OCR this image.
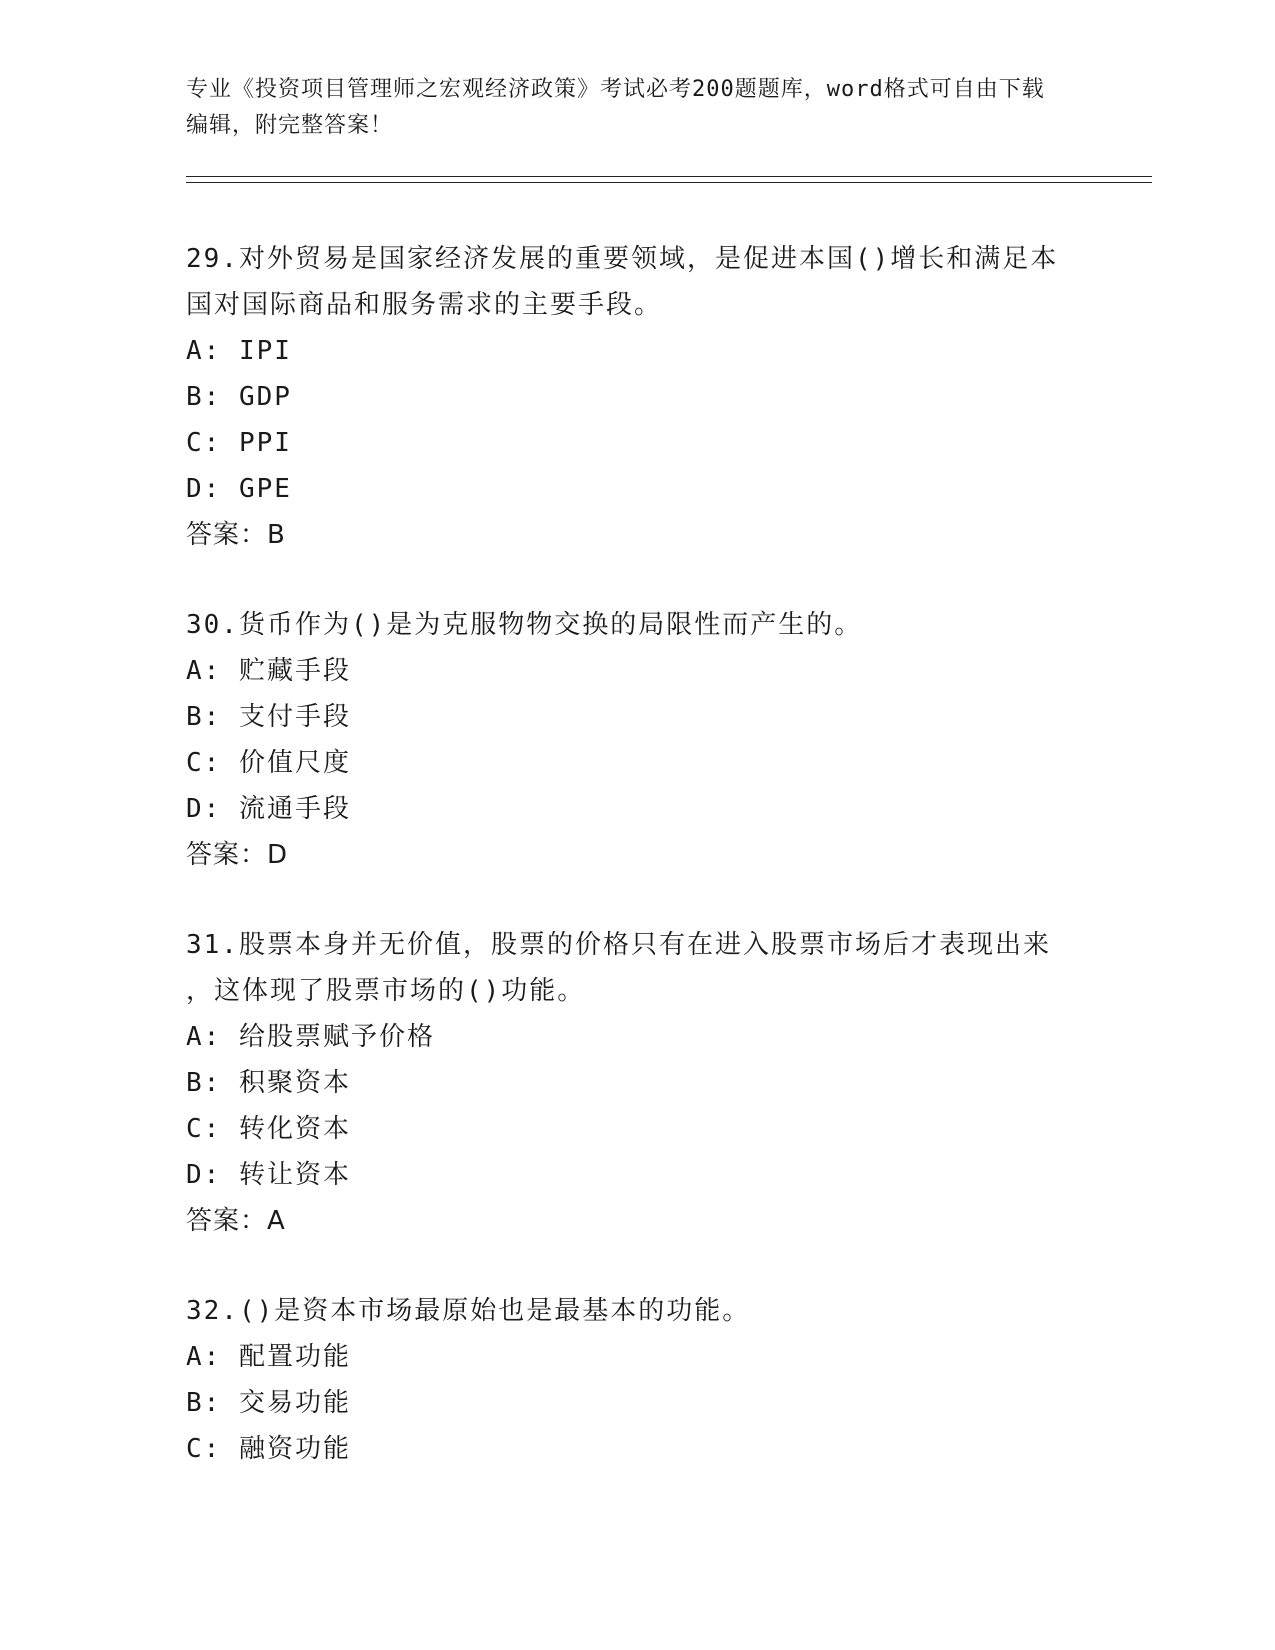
专业《投资项目管理师之宏观经济政策》考试必考200题题库，word格式可自由下载编辑，附完整答案！
29.对外贸易是国家经济发展的重要领域，是促进本国()增长和满足本
国对国际商品和服务需求的主要手段。
A: IPI
B: GDP
C: PPI
D: GPE
答案：B
30.货币作为()是为克服物物交换的局限性而产生的。
A: 贮藏手段
B: 支付手段
C: 价值尺度
D: 流通手段
答案：D
31.股票本身并无价值，股票的价格只有在进入股票市场后才表现出来
，这体现了股票市场的()功能。
A: 给股票赋予价格
B: 积聚资本
C: 转化资本
D: 转让资本
答案：A
32.()是资本市场最原始也是最基本的功能。
A: 配置功能
B: 交易功能
C: 融资功能
